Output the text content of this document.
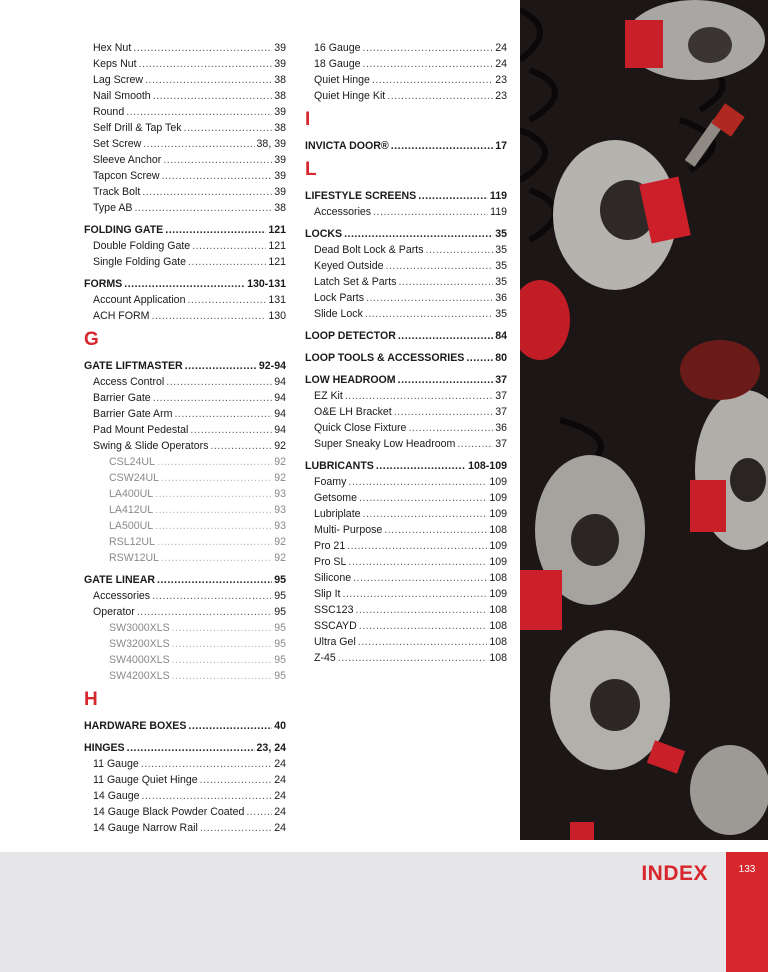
Hex Nut .....	39
Keps Nut .....	39
Lag Screw .....	38
Nail Smooth .....	38
Round .....	39
Self Drill & Tap Tek .....	38
Set Screw .....	38, 39
Sleeve Anchor .....	39
Tapcon Screw .....	39
Track Bolt .....	39
Type AB .....	38
FOLDING GATE .....	121
Double Folding Gate .....	121
Single Folding Gate .....	121
FORMS .....	130-131
Account Application .....	131
ACH FORM .....	130
G
GATE LIFTMASTER .....	92-94
Access Control .....	94
Barrier Gate .....	94
Barrier Gate Arm .....	94
Pad Mount Pedestal .....	94
Swing & Slide Operators .....	92
CSL24UL .....	92
CSW24UL .....	92
LA400UL .....	93
LA412UL .....	93
LA500UL .....	93
RSL12UL .....	92
RSW12UL .....	92
GATE LINEAR .....	95
Accessories .....	95
Operator .....	95
SW3000XLS .....	95
SW3200XLS .....	95
SW4000XLS .....	95
SW4200XLS .....	95
H
HARDWARE BOXES .....	40
HINGES .....	23, 24
11 Gauge .....	24
11 Gauge Quiet Hinge .....	24
14 Gauge .....	24
14 Gauge Black Powder Coated .....	24
14 Gauge Narrow Rail .....	24
16 Gauge .....	24
18 Gauge .....	24
Quiet Hinge .....	23
Quiet Hinge Kit .....	23
I
INVICTA DOOR® .....	17
L
LIFESTYLE SCREENS .....	119
Accessories .....	119
LOCKS .....	35
Dead Bolt Lock & Parts .....	35
Keyed Outside .....	35
Latch Set & Parts .....	35
Lock Parts .....	36
Slide Lock .....	35
LOOP DETECTOR .....	84
LOOP TOOLS & ACCESSORIES .....	80
LOW HEADROOM .....	37
EZ Kit .....	37
O&E LH Bracket .....	37
Quick Close Fixture .....	36
Super Sneaky Low Headroom .....	37
LUBRICANTS .....	108-109
Foamy .....	109
Getsome .....	109
Lubriplate .....	109
Multi- Purpose .....	108
Pro 21 .....	109
Pro SL .....	109
Silicone .....	108
Slip It .....	109
SSC123 .....	108
SSCAYD .....	108
Ultra Gel .....	108
Z-45 .....	108
INDEX	133
